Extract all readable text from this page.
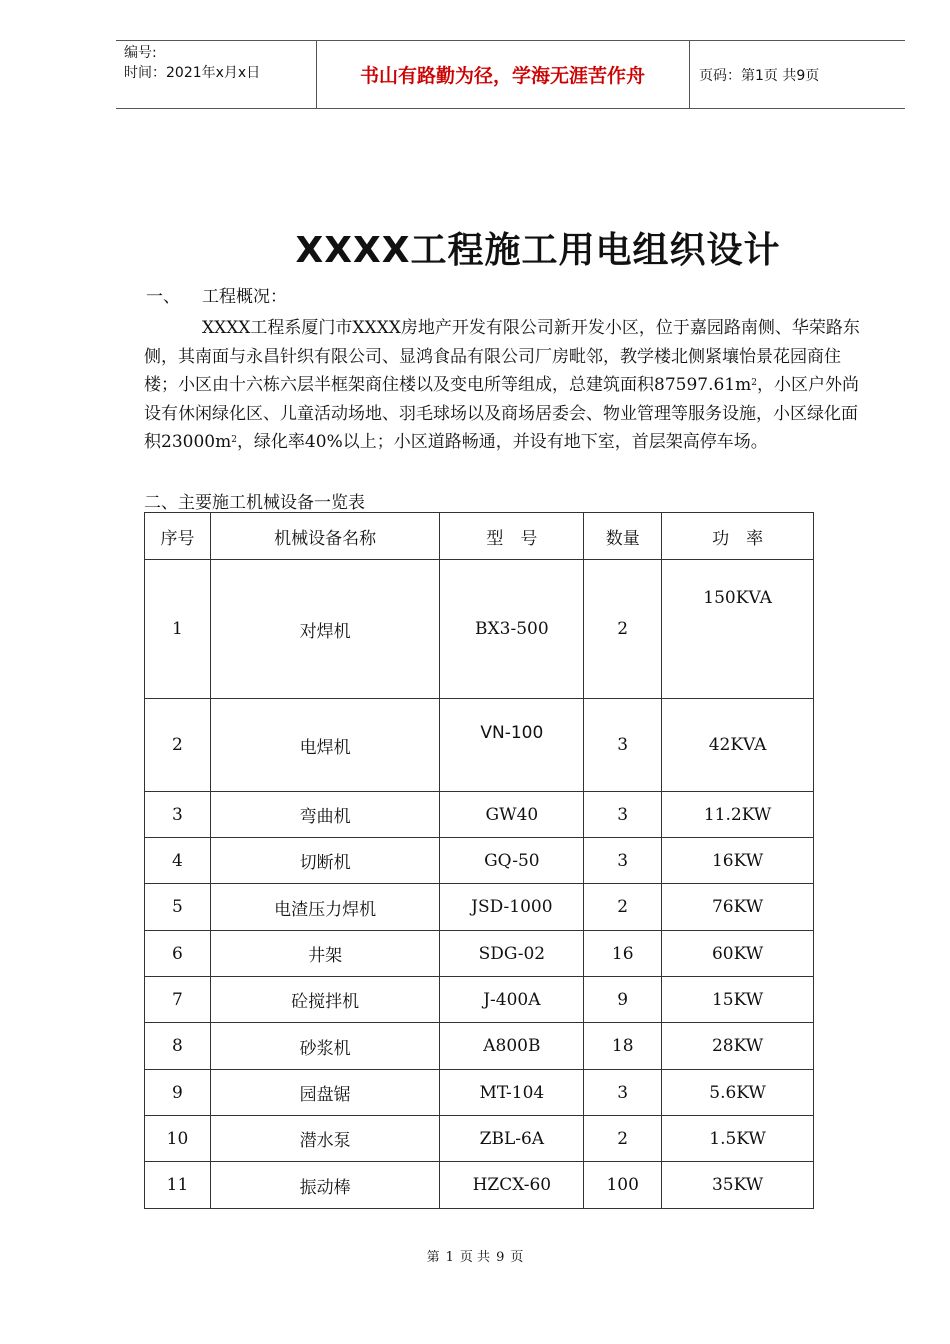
编号:
时间：2021年x月x日	书山有路勤为径，学海无涯苦作舟	页码：第1页 共9页
XXXX工程施工用电组织设计
一、 工程概况：
XXXX工程系厦门市XXXX房地产开发有限公司新开发小区，位于嘉园路南侧、华荣路东侧，其南面与永昌针织有限公司、显鸿食品有限公司厂房毗邻，教学楼北侧紧壤怡景花园商住楼；小区由十六栋六层半框架商住楼以及变电所等组成，总建筑面积$87597.61m^2$，小区户外尚设有休闲绿化区、儿童活动场地、羽毛球场以及商场居委会、物业管理等服务设施，小区绿化面积$23000m^2$，绿化率40%以上；小区道路畅通，并设有地下室，首层架高停车场。
二、主要施工机械设备一览表
序号	机械设备名称	型　号	数量	功　率
1	对焊机	BX3-500	2	150KVA
2	电焊机	VN-100	3	42KVA
3	弯曲机	GW40	3	11.2KW
4	切断机	GQ-50	3	16KW
5	电渣压力焊机	JSD-1000	2	76KW
6	井架	SDG-02	16	60KW
7	砼搅拌机	J-400A	9	15KW
8	砂浆机	A800B	18	28KW
9	园盘锯	MT-104	3	5.6KW
10	潜水泵	ZBL-6A	2	1.5KW
11	振动棒	HZCX-60	100	35KW
第 1 页 共 9 页
